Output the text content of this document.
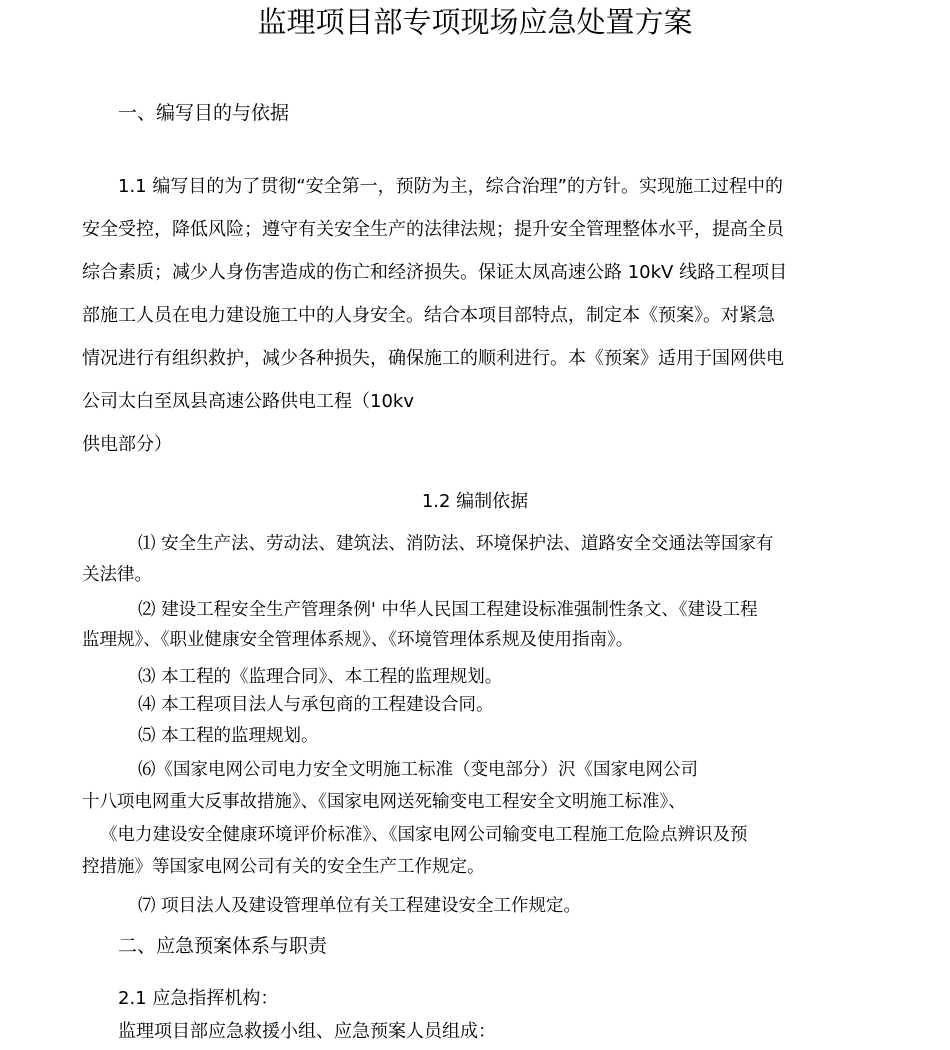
监理项目部专项现场应急处置方案
一、编写目的与依据
1.1 编写目的为了贯彻“安全第一，预防为主，综合治理”的方针。实现施工过程中的
安全受控，降低风险；遵守有关安全生产的法律法规；提升安全管理整体水平，提高全员
综合素质；减少人身伤害造成的伤亡和经济损失。保证太凤高速公路 10kV 线路工程项目
部施工人员在电力建设施工中的人身安全。结合本项目部特点，制定本《预案》。对紧急
情况进行有组织救护，减少各种损失，确保施工的顺利进行。本《预案》适用于国网供电
公司太白至凤县高速公路供电工程（10kv
供电部分）
1.2 编制依据
⑴ 安全生产法、劳动法、建筑法、消防法、环境保护法、道路安全交通法等国家有
关法律。
⑵ 建设工程安全生产管理条例' 中华人民国工程建设标准强制性条文、《建设工程
监理规》、《职业健康安全管理体系规》、《环境管理体系规及使用指南》。
⑶ 本工程的《监理合同》、本工程的监理规划。
⑷ 本工程项目法人与承包商的工程建设合同。
⑸ 本工程的监理规划。
⑹《国家电网公司电力安全文明施工标准（变电部分）沢《国家电网公司
十八项电网重大反事故措施》、《国家电网送死输变电工程安全文明施工标准》、
《电力建设安全健康环境评价标准》、《国家电网公司输变电工程施工危险点辨识及预
控措施》等国家电网公司有关的安全生产工作规定。
⑺ 项目法人及建设管理单位有关工程建设安全工作规定。
二、应急预案体系与职责
2.1 应急指挥机构：
监理项目部应急救援小组、应急预案人员组成：
